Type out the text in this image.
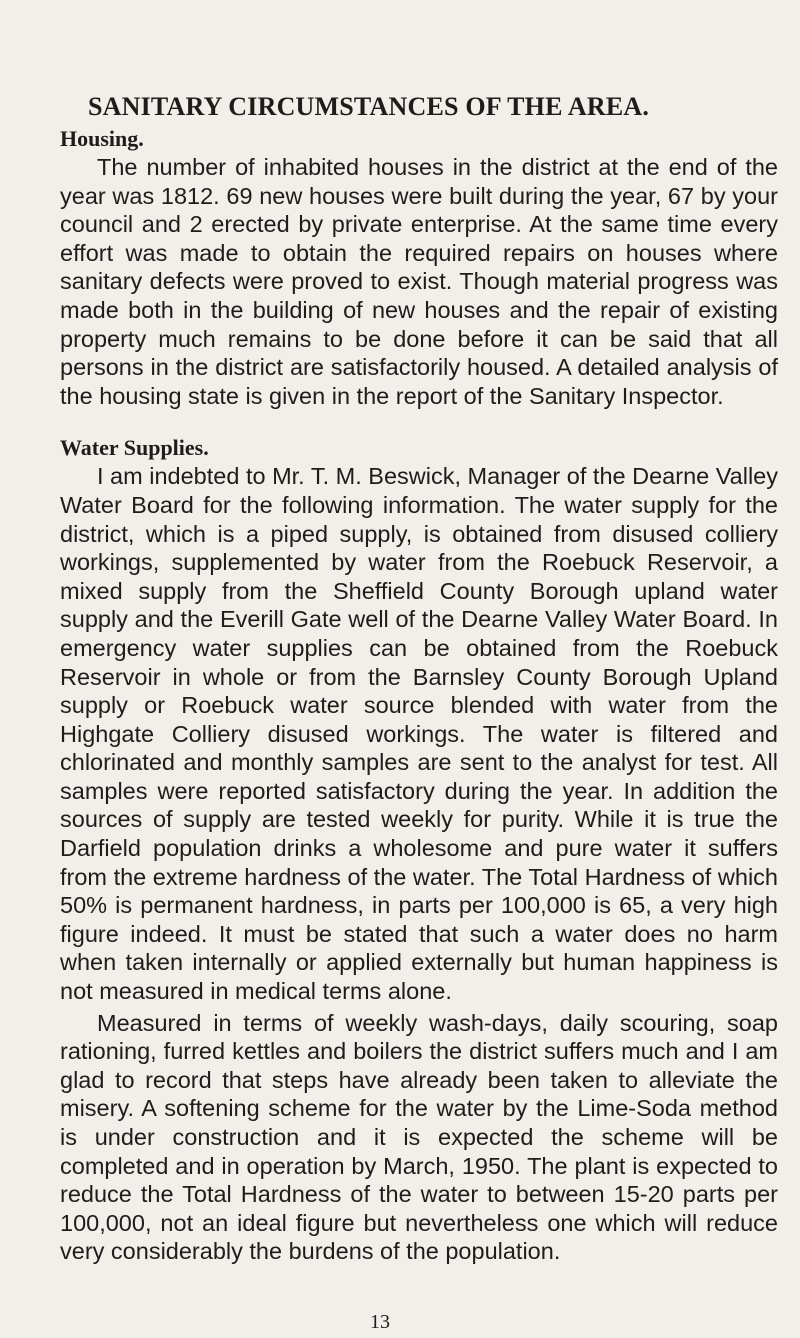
SANITARY CIRCUMSTANCES OF THE AREA.
Housing.

The number of inhabited houses in the district at the end of the year was 1812. 69 new houses were built during the year, 67 by your council and 2 erected by private enterprise. At the same time every effort was made to obtain the required repairs on houses where sanitary defects were proved to exist. Though material progress was made both in the building of new houses and the repair of existing property much remains to be done before it can be said that all persons in the district are satisfactorily housed. A detailed analysis of the housing state is given in the report of the Sanitary Inspector.

Water Supplies.

I am indebted to Mr. T. M. Beswick, Manager of the Dearne Valley Water Board for the following information. The water supply for the district, which is a piped supply, is obtained from disused colliery workings, supplemented by water from the Roebuck Reservoir, a mixed supply from the Sheffield County Borough upland water supply and the Everill Gate well of the Dearne Valley Water Board. In emergency water supplies can be obtained from the Roebuck Reservoir in whole or from the Barnsley County Borough Upland supply or Roebuck water source blended with water from the Highgate Colliery disused workings. The water is filtered and chlorinated and monthly samples are sent to the analyst for test. All samples were reported satisfactory during the year. In addition the sources of supply are tested weekly for purity. While it is true the Darfield population drinks a wholesome and pure water it suffers from the extreme hardness of the water. The Total Hardness of which 50% is permanent hardness, in parts per 100,000 is 65, a very high figure indeed. It must be stated that such a water does no harm when taken internally or applied externally but human happiness is not measured in medical terms alone.

Measured in terms of weekly wash-days, daily scouring, soap rationing, furred kettles and boilers the district suffers much and I am glad to record that steps have already been taken to alleviate the misery. A softening scheme for the water by the Lime-Soda method is under construction and it is expected the scheme will be completed and in operation by March, 1950. The plant is expected to reduce the Total Hardness of the water to between 15-20 parts per 100,000, not an ideal figure but nevertheless one which will reduce very considerably the burdens of the population.

13
